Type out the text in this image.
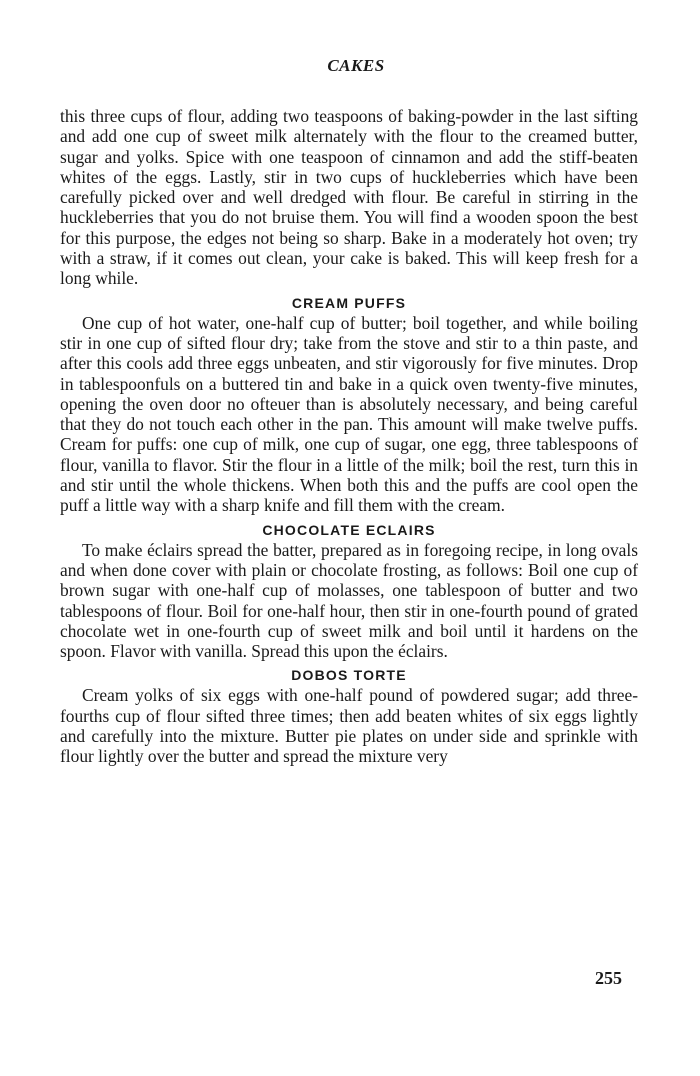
CAKES

this three cups of flour, adding two teaspoons of baking-powder in the last sifting and add one cup of sweet milk alternately with the flour to the creamed butter, sugar and yolks. Spice with one teaspoon of cinnamon and add the stiff-beaten whites of the eggs. Lastly, stir in two cups of huckleberries which have been carefully picked over and well dredged with flour. Be careful in stirring in the huckleberries that you do not bruise them. You will find a wooden spoon the best for this purpose, the edges not being so sharp. Bake in a moderately hot oven; try with a straw, if it comes out clean, your cake is baked. This will keep fresh for a long while.

CREAM PUFFS

One cup of hot water, one-half cup of butter; boil together, and while boiling stir in one cup of sifted flour dry; take from the stove and stir to a thin paste, and after this cools add three eggs unbeaten, and stir vigorously for five minutes. Drop in tablespoonfuls on a buttered tin and bake in a quick oven twenty-five minutes, opening the oven door no ofteuer than is absolutely necessary, and being careful that they do not touch each other in the pan. This amount will make twelve puffs. Cream for puffs: one cup of milk, one cup of sugar, one egg, three tablespoons of flour, vanilla to flavor. Stir the flour in a little of the milk; boil the rest, turn this in and stir until the whole thickens. When both this and the puffs are cool open the puff a little way with a sharp knife and fill them with the cream.

CHOCOLATE ECLAIRS

To make éclairs spread the batter, prepared as in foregoing recipe, in long ovals and when done cover with plain or chocolate frosting, as follows: Boil one cup of brown sugar with one-half cup of molasses, one tablespoon of butter and two tablespoons of flour. Boil for one-half hour, then stir in one-fourth pound of grated chocolate wet in one-fourth cup of sweet milk and boil until it hardens on the spoon. Flavor with vanilla. Spread this upon the éclairs.

DOBOS TORTE

Cream yolks of six eggs with one-half pound of powdered sugar; add three-fourths cup of flour sifted three times; then add beaten whites of six eggs lightly and carefully into the mixture. Butter pie plates on under side and sprinkle with flour lightly over the butter and spread the mixture very

255
